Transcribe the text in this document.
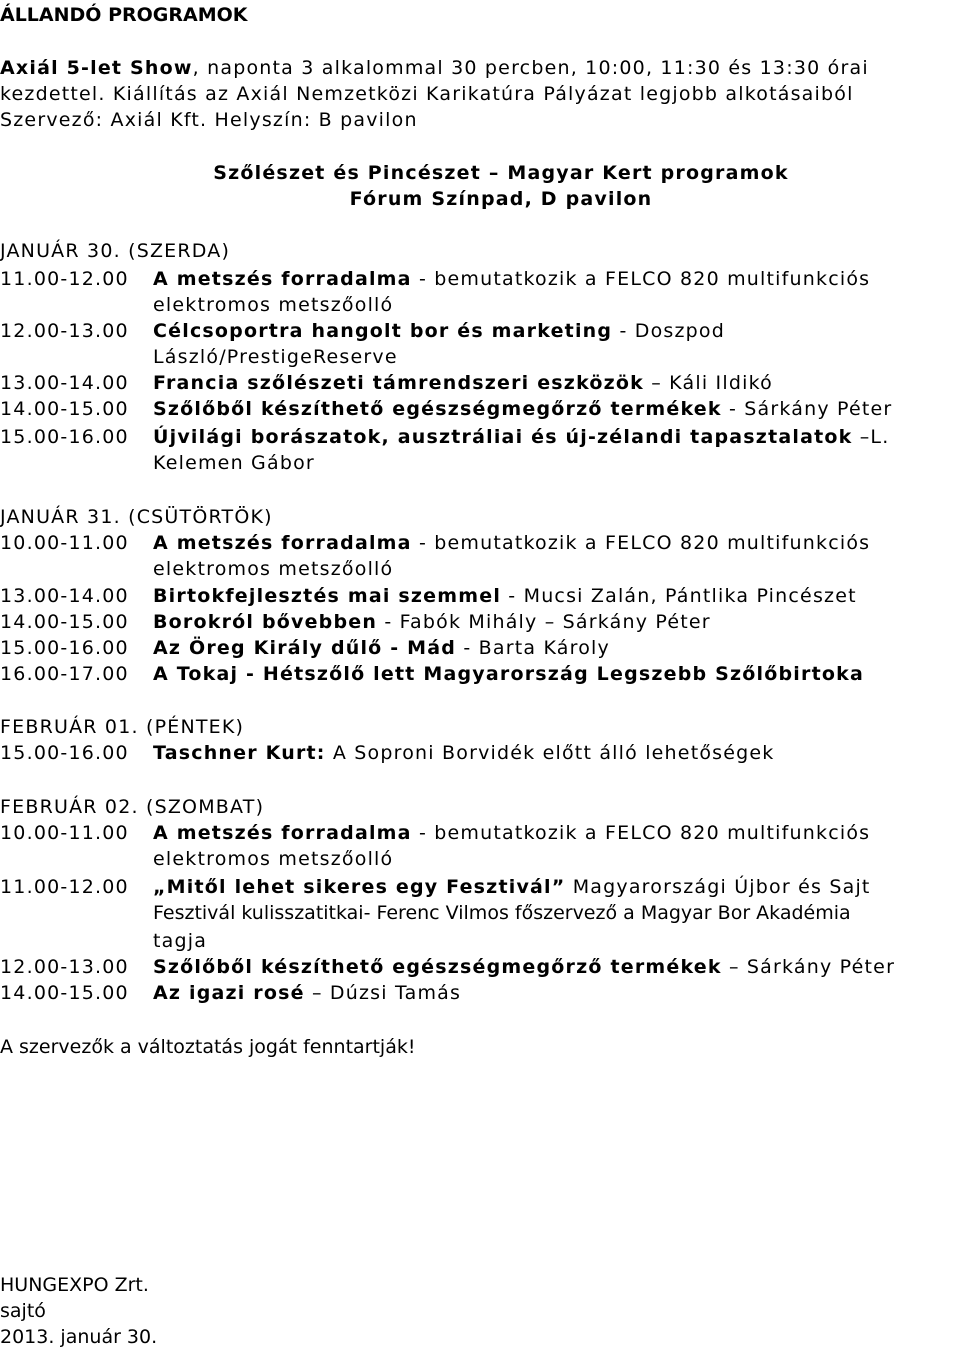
ÁLLANDÓ PROGRAMOK
Axiál 5-let Show, naponta 3 alkalommal 30 percben, 10:00, 11:30 és 13:30 órai
kezdettel. Kiállítás az Axiál Nemzetközi Karikatúra Pályázat legjobb alkotásaiból
Szervező: Axiál Kft. Helyszín: B pavilon
Szőlészet és Pincészet – Magyar Kert programok
Fórum Színpad, D pavilon
JANUÁR 30. (SZERDA)
11.00-12.00 A metszés forradalma - bemutatkozik a FELCO 820 multifunkciós
elektromos metszőolló
12.00-13.00 Célcsoportra hangolt bor és marketing - Doszpod
László/PrestigeReserve
13.00-14.00 Francia szőlészeti támrendszeri eszközök – Káli Ildikó
14.00-15.00 Szőlőből készíthető egészségmegőrző termékek - Sárkány Péter
15.00-16.00 Újvilági borászatok, ausztráliai és új-zélandi tapasztalatok –L.
Kelemen Gábor
JANUÁR 31. (CSÜTÖRTÖK)
10.00-11.00 A metszés forradalma - bemutatkozik a FELCO 820 multifunkciós
elektromos metszőolló
13.00-14.00 Birtokfejlesztés mai szemmel - Mucsi Zalán, Pántlika Pincészet
14.00-15.00 Borokról bővebben - Fabók Mihály – Sárkány Péter
15.00-16.00 Az Öreg Király dűlő - Mád - Barta Károly
16.00-17.00 A Tokaj - Hétszőlő lett Magyarország Legszebb Szőlőbirtoka
FEBRUÁR 01. (PÉNTEK)
15.00-16.00 Taschner Kurt: A Soproni Borvidék előtt álló lehetőségek
FEBRUÁR 02. (SZOMBAT)
10.00-11.00 A metszés forradalma - bemutatkozik a FELCO 820 multifunkciós
elektromos metszőolló
11.00-12.00 „Mitől lehet sikeres egy Fesztivál” Magyarországi Újbor és Sajt
Fesztivál kulisszatitkai- Ferenc Vilmos főszervező a Magyar Bor Akadémia
tagja
12.00-13.00 Szőlőből készíthető egészségmegőrző termékek – Sárkány Péter
14.00-15.00 Az igazi rosé – Dúzsi Tamás
A szervezők a változtatás jogát fenntartják!
HUNGEXPO Zrt.
sajtó
2013. január 30.
